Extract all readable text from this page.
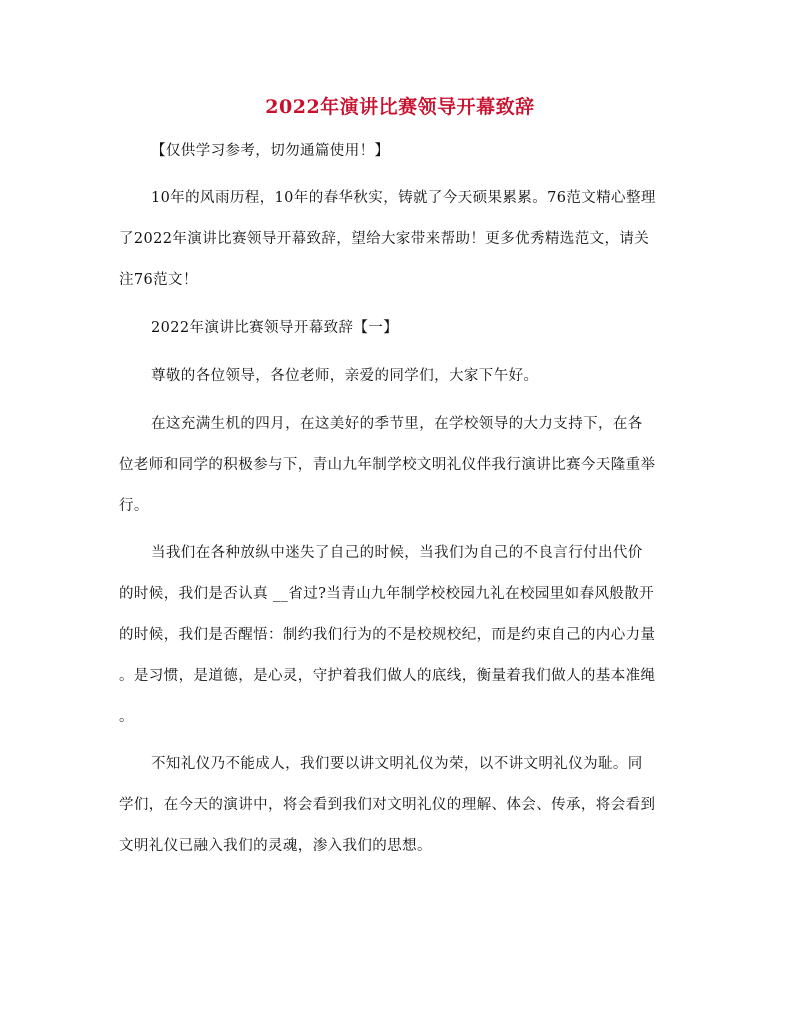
2022年演讲比赛领导开幕致辞
【仅供学习参考，切勿通篇使用！】
10年的风雨历程，10年的春华秋实，铸就了今天硕果累累。76范文精心整理
了2022年演讲比赛领导开幕致辞，望给大家带来帮助！更多优秀精选范文，请关
注76范文！
2022年演讲比赛领导开幕致辞【一】
尊敬的各位领导，各位老师，亲爱的同学们，大家下午好。
在这充满生机的四月，在这美好的季节里，在学校领导的大力支持下，在各
位老师和同学的积极参与下，青山九年制学校文明礼仪伴我行演讲比赛今天隆重举
行。
当我们在各种放纵中迷失了自己的时候，当我们为自己的不良言行付出代价
的时候，我们是否认真 __省过?当青山九年制学校校园九礼在校园里如春风般散开
的时候，我们是否醒悟：制约我们行为的不是校规校纪，而是约束自己的内心力量
。是习惯，是道德，是心灵，守护着我们做人的底线，衡量着我们做人的基本准绳
。
不知礼仪乃不能成人，我们要以讲文明礼仪为荣，以不讲文明礼仪为耻。同
学们，在今天的演讲中，将会看到我们对文明礼仪的理解、体会、传承，将会看到
文明礼仪已融入我们的灵魂，渗入我们的思想。
